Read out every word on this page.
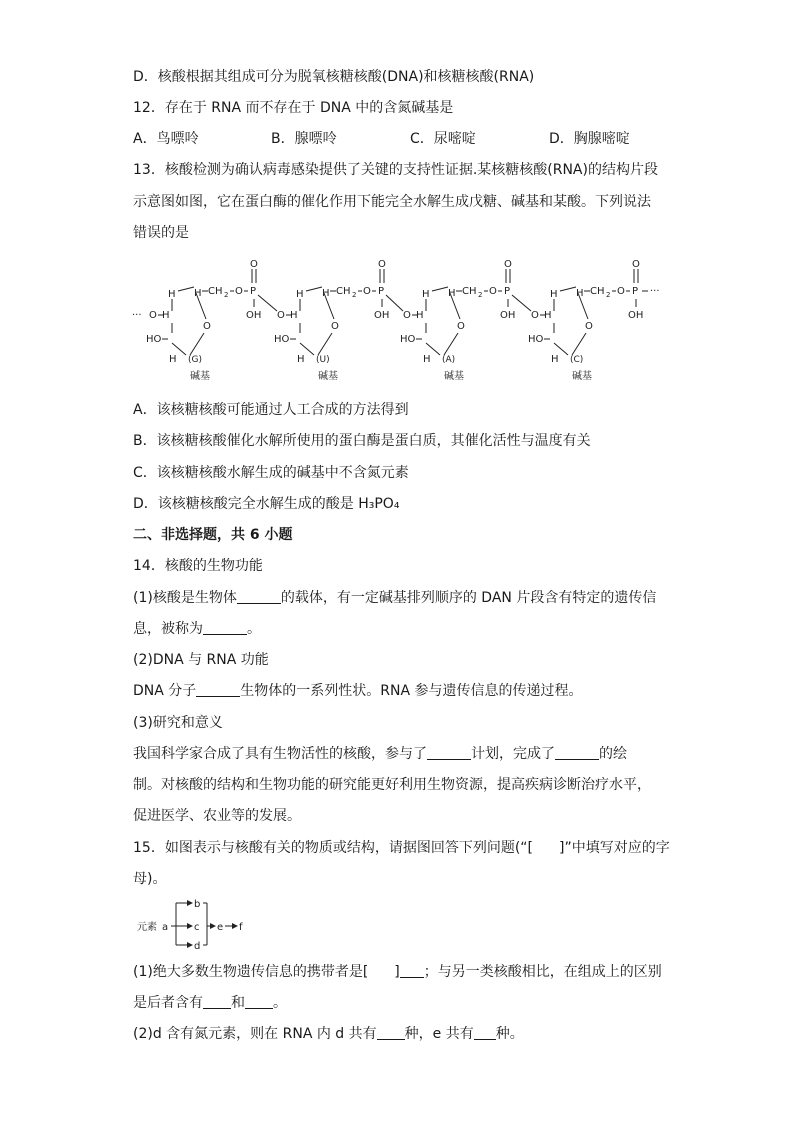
D．核酸根据其组成可分为脱氧核糖核酸(DNA)和核糖核酸(RNA)
12．存在于 RNA 而不存在于 DNA 中的含氮碱基是
A．鸟嘌呤	B．腺嘌呤	C．尿嘧啶	D．胸腺嘧啶
13．核酸检测为确认病毒感染提供了关键的支持性证据.某核糖核酸(RNA)的结构片段
示意图如图，它在蛋白酶的催化作用下能完全水解生成戊糖、碱基和某酸。下列说法
错误的是
··· O
H
H
HO
H
O
(G)
碱基
H CH 2 O P
O
OH O
H
H
HO
H
O
(U)
碱基
H CH 2 O P
O
OH O
H
H
HO
H
O
(A)
碱基
H CH 2 O P
O
OH O
H
H
HO
H
O
(C)
碱基
H CH 2 O P
O
OH
···
A．该核糖核酸可能通过人工合成的方法得到
B．该核糖核酸催化水解所使用的蛋白酶是蛋白质，其催化活性与温度有关
C．该核糖核酸水解生成的碱基中不含氮元素
D．该核糖核酸完全水解生成的酸是 H₃PO₄
二、非选择题，共 6 小题
14．核酸的生物功能
(1)核酸是生物体	的载体，有一定碱基排列顺序的 DAN 片段含有特定的遗传信
息，被称为	。
(2)DNA 与 RNA 功能
DNA 分子	生物体的一系列性状。RNA 参与遗传信息的传递过程。
(3)研究和意义
我国科学家合成了具有生物活性的核酸，参与了	计划，完成了	的绘
制。对核酸的结构和生物功能的研究能更好利用生物资源，提高疾病诊断治疗水平，
促进医学、农业等的发展。
15．如图表示与核酸有关的物质或结构，请据图回答下列问题(“[ ]”中填写对应的字
母)。
元素 a
b
c
d
e f
(1)绝大多数生物遗传信息的携带者是[ ] ；与另一类核酸相比，在组成上的区别
是后者含有 和 。
(2)d 含有氮元素，则在 RNA 内 d 共有 种，e 共有 种。
